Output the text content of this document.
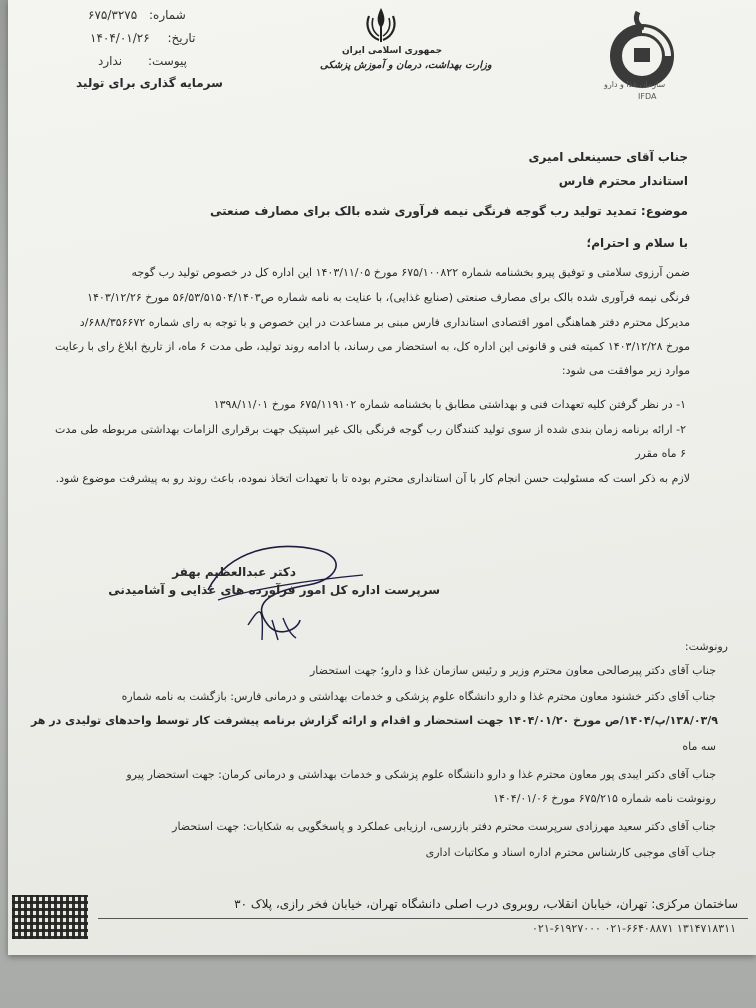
شماره: ۶۷۵/۳۲۷۵
تاریخ: ۱۴۰۴/۰۱/۲۶
پیوست: ندارد
سرمایه گذاری برای تولید
جمهوری اسلامی ایران
وزارت بهداشت، درمان و آموزش پزشکی
سازمان غذا و دارو
IFDA
جناب آقای حسینعلی امیری
استاندار محترم فارس
موضوع: تمدید تولید رب گوجه فرنگی نیمه فرآوری شده بالک برای مصارف صنعتی
با سلام و احترام؛
ضمن آرزوی سلامتی و توفیق پیرو بخشنامه شماره ۶۷۵/۱۰۰۸۲۲ مورخ ۱۴۰۳/۱۱/۰۵ این اداره کل در خصوص تولید رب گوجه
فرنگی نیمه فرآوری شده بالک برای مصارف صنعتی (صنایع غذایی)، با عنایت به نامه شماره ص۵۶/۵۳/۵۱۵۰۴/۱۴۰۳ مورخ ۱۴۰۳/۱۲/۲۶
مدیرکل محترم دفتر هماهنگی امور اقتصادی استانداری فارس مبنی بر مساعدت در این خصوص و با توجه به رای شماره ۶۸۸/۳۵۶۶۷۲/د
مورخ ۱۴۰۳/۱۲/۲۸ کمیته فنی و قانونی این اداره کل، به استحضار می رساند، با ادامه روند تولید، طی مدت ۶ ماه، از تاریخ ابلاغ رای با رعایت
موارد زیر موافقت می شود:
۱- در نظر گرفتن کلیه تعهدات فنی و بهداشتی مطابق با بخشنامه شماره ۶۷۵/۱۱۹۱۰۲ مورخ ۱۳۹۸/۱۱/۰۱
۲- ارائه برنامه زمان بندی شده از سوی تولید کنندگان رب گوجه فرنگی بالک غیر اسپتیک جهت برقراری الزامات بهداشتی مربوطه طی مدت
۶ ماه مقرر
لازم به ذکر است که مسئولیت حسن انجام کار با آن استانداری محترم بوده تا با تعهدات اتخاذ نموده، باعث روند رو به پیشرفت موضوع شود.
دکتر عبدالعظیم بهفر
سرپرست اداره کل امور فرآورده های غذایی و آشامیدنی
رونوشت:
جناب آقای دکتر پیرصالحی معاون محترم وزیر و رئیس سازمان غذا و دارو؛ جهت استحضار
جناب آقای دکتر خشنود معاون محترم غذا و دارو دانشگاه علوم پزشکی و خدمات بهداشتی و درمانی فارس: بازگشت به نامه شماره
۱۳۸/۰۳/۹/پ/۱۴۰۴/ص مورخ ۱۴۰۴/۰۱/۲۰ جهت استحضار و اقدام و ارائه گزارش برنامه پیشرفت کار توسط واحدهای تولیدی در هر
سه ماه
جناب آقای دکتر ایبدی پور معاون محترم غذا و دارو دانشگاه علوم پزشکی و خدمات بهداشتی و درمانی کرمان: جهت استحضار پیرو
رونوشت نامه شماره ۶۷۵/۲۱۵ مورخ ۱۴۰۴/۰۱/۰۶
جناب آقای دکتر سعید مهرزادی سرپرست محترم دفتر بازرسی، ارزیابی عملکرد و پاسخگویی به شکایات: جهت استحضار
جناب آقای موجبی کارشناس محترم اداره اسناد و مکاتبات اداری
ساختمان مرکزی: تهران، خیابان انقلاب، روبروی درب اصلی دانشگاه تهران، خیابان فخر رازی، پلاک ۳۰
۰۲۱-۶۱۹۲۷۰۰۰ ۰۲۱-۶۶۴۰۸۸۷۱ ۱۳۱۴۷۱۸۳۱۱
